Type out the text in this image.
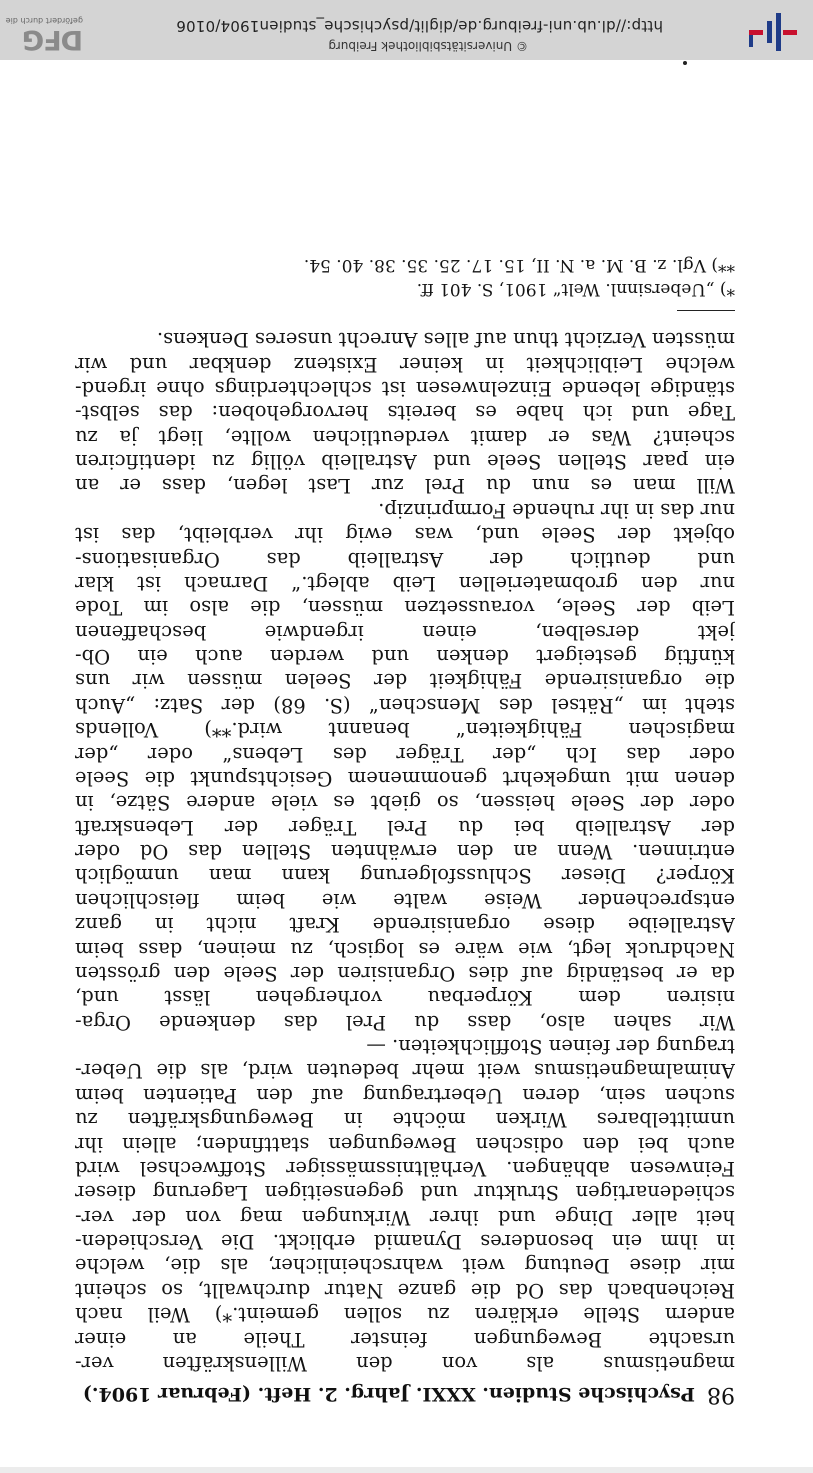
98
Psychische Studien. XXXI. Jahrg. 2. Heft. (Februar 1904.)
magnetismus als von den Willenskräften ver-
ursachte Bewegungen feinster Theile an einer
andern Stelle erklären zu sollen gemeint.*) Weil nach
Reichenbach das Od die ganze Natur durchwallt, so scheint
mir diese Deutung weit wahrscheinlicher, als die, welche
in ihm ein besonderes Dynamid erblickt. Die Verschieden-
heit aller Dinge und ihrer Wirkungen mag von der ver-
schiedenartigen Struktur und gegenseitigen Lagerung dieser
Feinwesen abhängen. Verhältnissmässiger Stoffwechsel wird
auch bei den odischen Bewegungen stattfinden; allein ihr
unmittelbares Wirken möchte in Bewegungskräften zu
suchen sein, deren Uebertragung auf den Patienten beim
Animalmagnetismus weit mehr bedeuten wird, als die Ueber-
tragung der feinen Stofflichkeiten. —
Wir sahen also, dass du Prel das denkende Orga-
nisiren dem Körperbau vorhergehen lässt und,
da er beständig auf dies Organisiren der Seele den grössten
Nachdruck legt, wie wäre es logisch, zu meinen, dass beim
Astralleibe diese organisirende Kraft nicht in ganz
entsprechender Weise walte wie beim fleischlichen
Körper? Dieser Schlussfolgerung kann man unmöglich
entrinnen. Wenn an den erwähnten Stellen das Od oder
der Astralleib bei du Prel Träger der Lebenskraft
oder der Seele heissen, so giebt es viele andere Sätze, in
denen mit umgekehrt genommenem Gesichtspunkt die Seele
oder das Ich „der Träger des Lebens“ oder „der
magischen Fähigkeiten“ benannt wird.**) Vollends
steht im „Rätsel des Menschen“ (S. 68) der Satz: „Auch
die organisirende Fähigkeit der Seelen müssen wir uns
künftig gesteigert denken und werden auch ein Ob-
jekt derselben, einen irgendwie beschaffenen
Leib der Seele, voraussetzen müssen, die also im Tode
nur den grobmateriellen Leib ablegt.“ Darnach ist klar
und deutlich der Astralleib das Organisations-
objekt der Seele und, was ewig ihr verbleibt, das ist
nur das in ihr ruhende Formprinzip.
Will man es nun du Prel zur Last legen, dass er an
ein paar Stellen Seele und Astralleib völlig zu identificiren
scheint? Was er damit verdeutlichen wollte, liegt ja zu
Tage und ich habe es bereits hervorgehoben: das selbst-
ständige lebende Einzelnwesen ist schlechterdings ohne irgend-
welche Leiblichkeit in keiner Existenz denkbar und wir
müssten Verzicht thun auf alles Anrecht unseres Denkens.
*) „Uebersinnl. Welt“ 1901, S. 401 ff.
**) Vgl. z. B. M. a. N. II, 15. 17. 25. 35. 38. 40. 54.
© Universitätsbibliothek Freiburg
http://dl.ub.uni-freiburg.de/diglit/psychische_studien1904/0106
DFG
gefördert durch die
